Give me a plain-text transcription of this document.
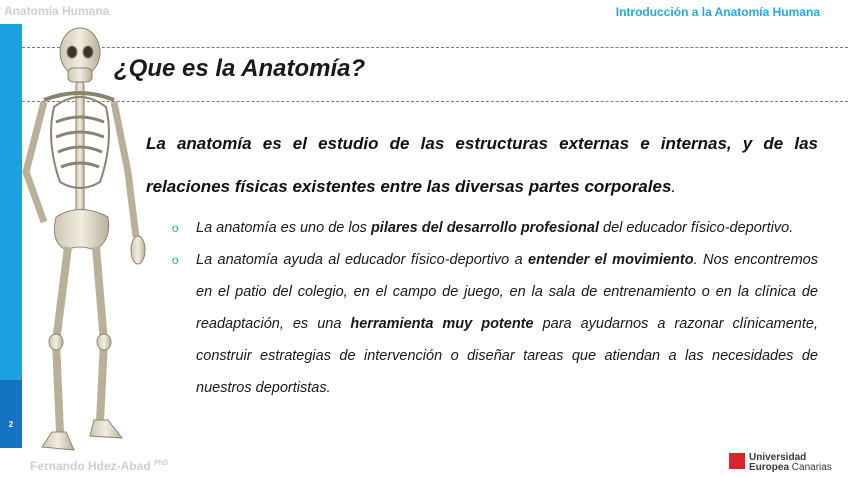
Anatomía Humana	Introducción a la Anatomía Humana
2
¿Que es la Anatomía?
La anatomía es el estudio de las estructuras externas e internas, y de las relaciones físicas existentes entre las diversas partes corporales.
o La anatomía es uno de los pilares del desarrollo profesional del educador físico-deportivo.
o La anatomía ayuda al educador físico-deportivo a entender el movimiento. Nos encontremos en el patio del colegio, en el campo de juego, en la sala de entrenamiento o en la clínica de readaptación, es una herramienta muy potente para ayudarnos a razonar clínicamente, construir estrategias de intervención o diseñar tareas que atiendan a las necesidades de nuestros deportistas.
Fernando Hdez-Abad $^{PhD}$
Universidad
Europea Canarias
